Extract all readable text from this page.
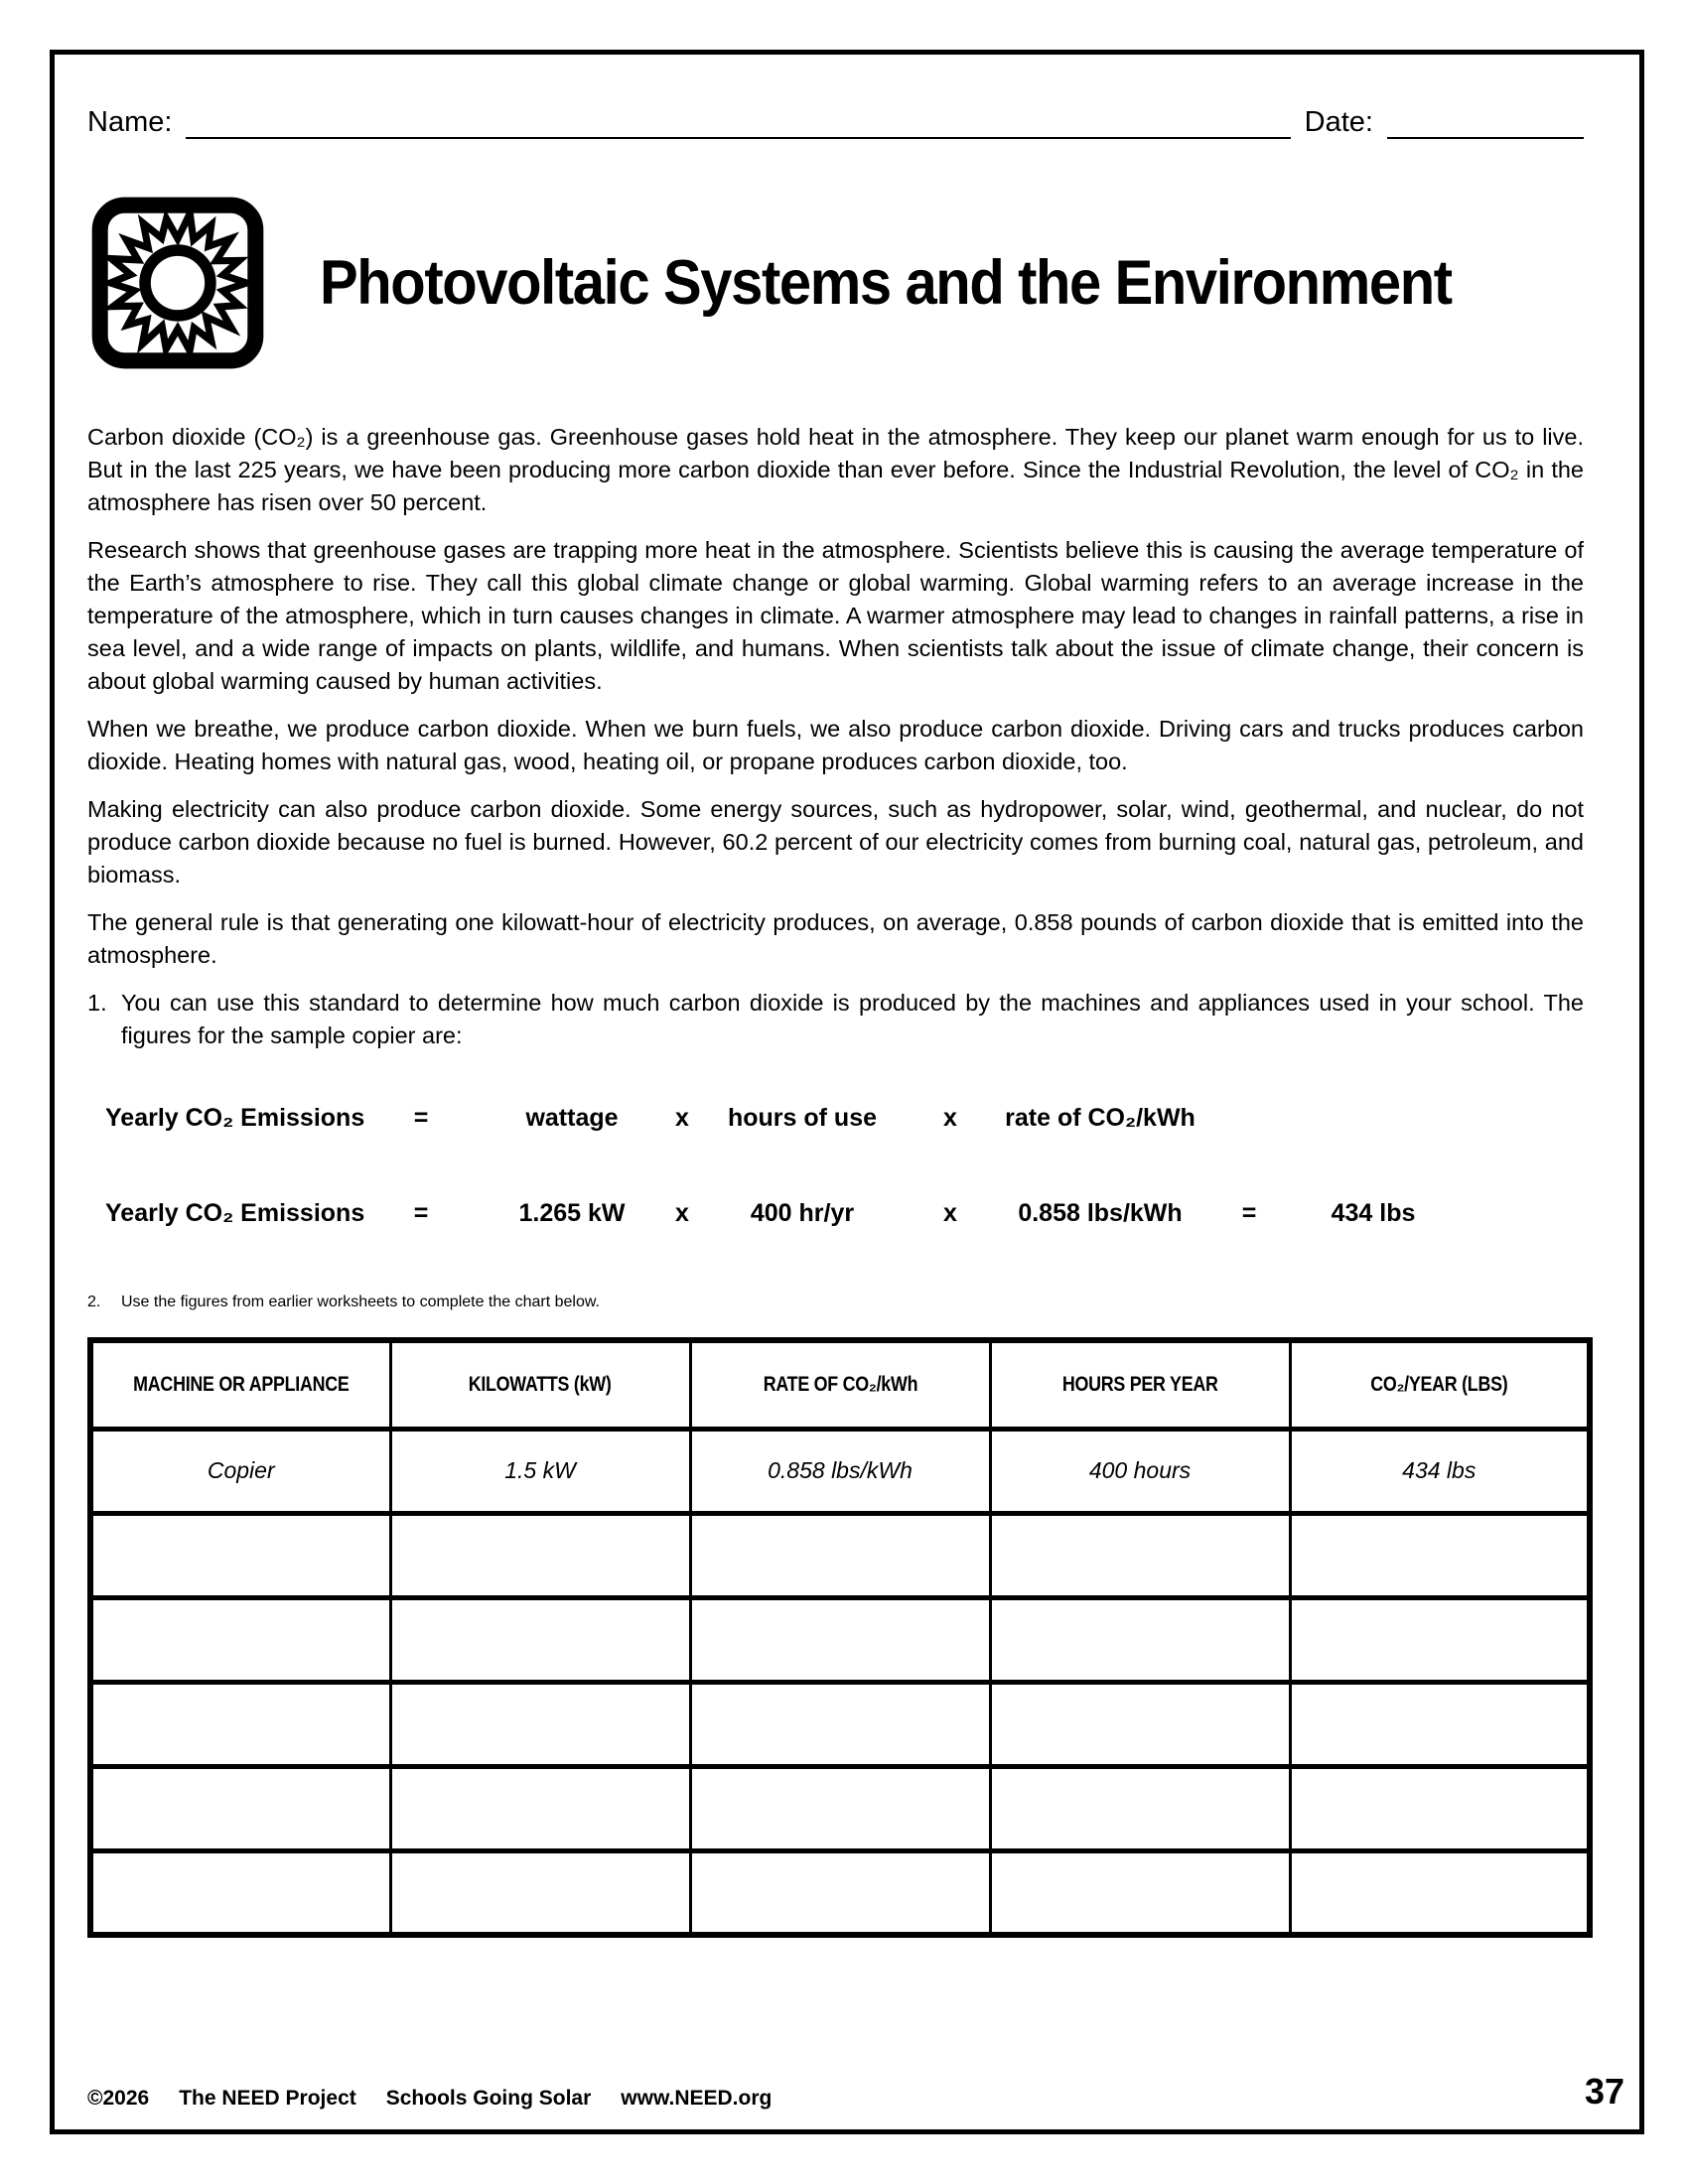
Name:	Date:
Photovoltaic Systems and the Environment

Carbon dioxide (CO₂) is a greenhouse gas. Greenhouse gases hold heat in the atmosphere. They keep our planet warm enough for us to live. But in the last 225 years, we have been producing more carbon dioxide than ever before. Since the Industrial Revolution, the level of CO₂ in the atmosphere has risen over 50 percent.

Research shows that greenhouse gases are trapping more heat in the atmosphere. Scientists believe this is causing the average temperature of the Earth’s atmosphere to rise. They call this global climate change or global warming. Global warming refers to an average increase in the temperature of the atmosphere, which in turn causes changes in climate. A warmer atmosphere may lead to changes in rainfall patterns, a rise in sea level, and a wide range of impacts on plants, wildlife, and humans. When scientists talk about the issue of climate change, their concern is about global warming caused by human activities.

When we breathe, we produce carbon dioxide. When we burn fuels, we also produce carbon dioxide. Driving cars and trucks produces carbon dioxide. Heating homes with natural gas, wood, heating oil, or propane produces carbon dioxide, too.

Making electricity can also produce carbon dioxide. Some energy sources, such as hydropower, solar, wind, geothermal, and nuclear, do not produce carbon dioxide because no fuel is burned. However, 60.2 percent of our electricity comes from burning coal, natural gas, petroleum, and biomass.

The general rule is that generating one kilowatt-hour of electricity produces, on average, 0.858 pounds of carbon dioxide that is emitted into the atmosphere.

1. You can use this standard to determine how much carbon dioxide is produced by the machines and appliances used in your school. The figures for the sample copier are:
Yearly CO₂ Emissions	=	wattage	x	hours of use	x	rate of CO₂/kWh
Yearly CO₂ Emissions	=	1.265 kW	x	400 hr/yr	x	0.858 lbs/kWh	=	434 lbs
2.	Use the figures from earlier worksheets to complete the chart below.
MACHINE OR APPLIANCE	KILOWATTS (kW)	RATE OF CO₂/kWh	HOURS PER YEAR	CO₂/YEAR (LBS)
Copier	1.5 kW	0.858 lbs/kWh	400 hours	434 lbs

©2026 The NEED Project Schools Going Solar www.NEED.org	37
